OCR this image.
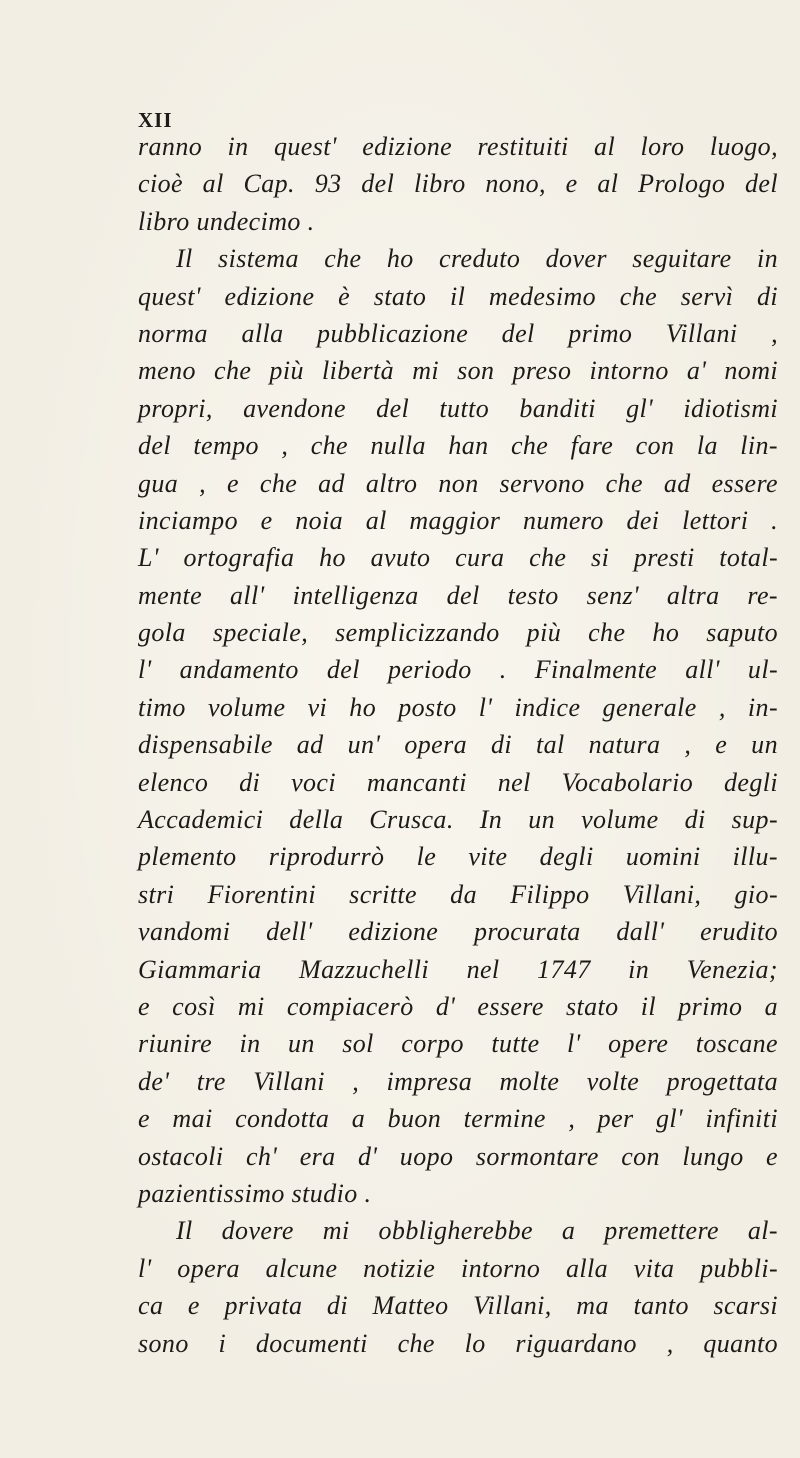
XII
ranno in quest' edizione restituiti al loro luogo,
cioè al Cap. 93 del libro nono, e al Prologo del
libro undecimo .
Il sistema che ho creduto dover seguitare in
quest' edizione è stato il medesimo che servì di
norma alla pubblicazione del primo Villani ,
meno che più libertà mi son preso intorno a' nomi
propri, avendone del tutto banditi gl' idiotismi
del tempo , che nulla han che fare con la lin-
gua , e che ad altro non servono che ad essere
inciampo e noia al maggior numero dei lettori .
L' ortografia ho avuto cura che si presti total-
mente all' intelligenza del testo senz' altra re-
gola speciale, semplicizzando più che ho saputo
l' andamento del periodo . Finalmente all' ul-
timo volume vi ho posto l' indice generale , in-
dispensabile ad un' opera di tal natura , e un
elenco di voci mancanti nel Vocabolario degli
Accademici della Crusca. In un volume di sup-
plemento riprodurrò le vite degli uomini illu-
stri Fiorentini scritte da Filippo Villani, gio-
vandomi dell' edizione procurata dall' erudito
Giammaria Mazzuchelli nel 1747 in Venezia;
e così mi compiacerò d' essere stato il primo a
riunire in un sol corpo tutte l' opere toscane
de' tre Villani , impresa molte volte progettata
e mai condotta a buon termine , per gl' infiniti
ostacoli ch' era d' uopo sormontare con lungo e
pazientissimo studio .
Il dovere mi obbligherebbe a premettere al-
l' opera alcune notizie intorno alla vita pubbli-
ca e privata di Matteo Villani, ma tanto scarsi
sono i documenti che lo riguardano , quanto
